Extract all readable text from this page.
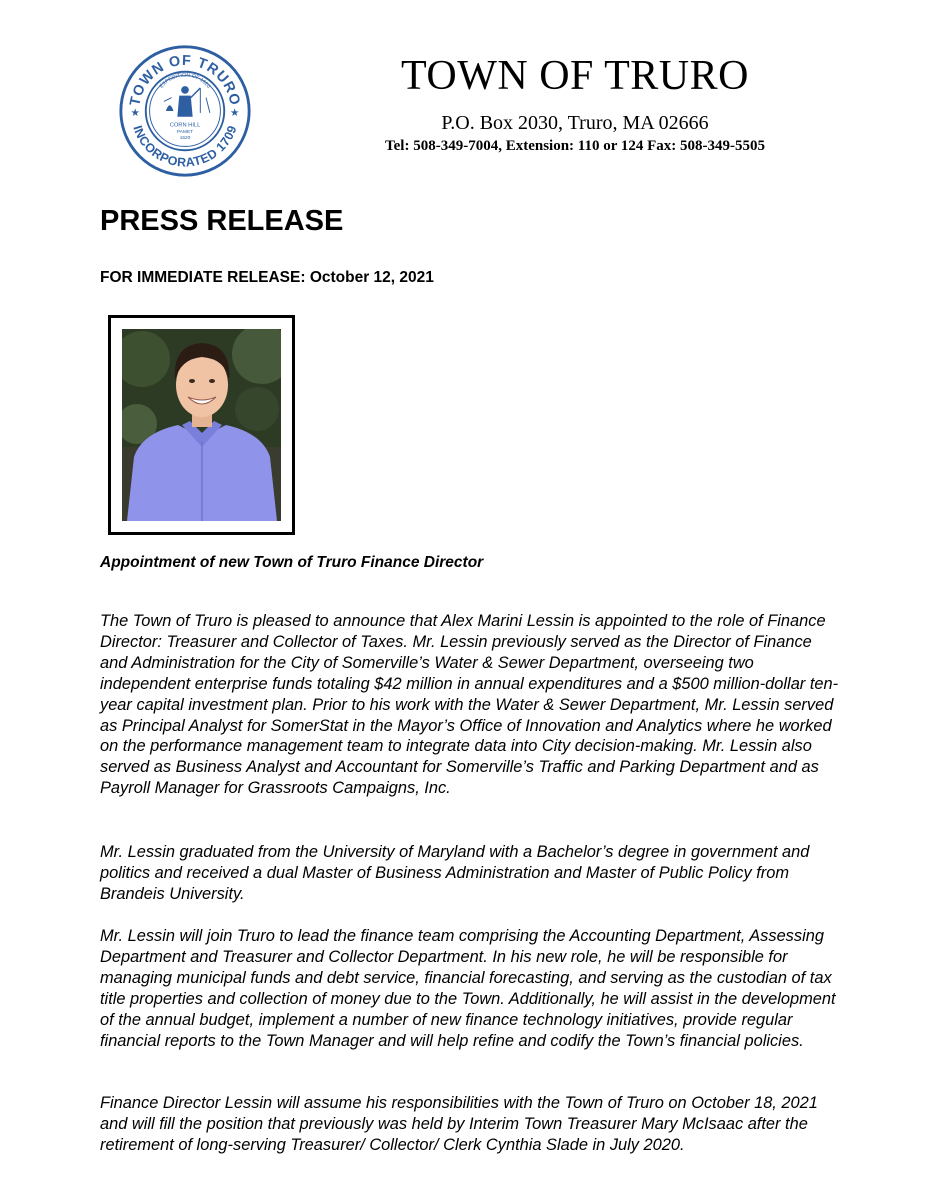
TOWN OF TRURO
INCORPORATED 1709
★	★
EXPEDITION OF 1620
CORN HILL
PAMET
1620
TOWN OF TRURO
P.O. Box 2030, Truro, MA 02666
Tel: 508-349-7004, Extension: 110 or 124 Fax: 508-349-5505
PRESS RELEASE
FOR IMMEDIATE RELEASE: October 12, 2021
Appointment of new Town of Truro Finance Director

The Town of Truro is pleased to announce that Alex Marini Lessin is appointed to the role of Finance Director: Treasurer and Collector of Taxes. Mr. Lessin previously served as the Director of Finance and Administration for the City of Somerville’s Water & Sewer Department, overseeing two independent enterprise funds totaling $42 million in annual expenditures and a $500 million-dollar ten-year capital investment plan. Prior to his work with the Water & Sewer Department, Mr. Lessin served as Principal Analyst for SomerStat in the Mayor’s Office of Innovation and Analytics where he worked on the performance management team to integrate data into City decision-making. Mr. Lessin also served as Business Analyst and Accountant for Somerville’s Traffic and Parking Department and as Payroll Manager for Grassroots Campaigns, Inc.

Mr. Lessin graduated from the University of Maryland with a Bachelor’s degree in government and politics and received a dual Master of Business Administration and Master of Public Policy from Brandeis University.

Mr. Lessin will join Truro to lead the finance team comprising the Accounting Department, Assessing Department and Treasurer and Collector Department. In his new role, he will be responsible for managing municipal funds and debt service, financial forecasting, and serving as the custodian of tax title properties and collection of money due to the Town. Additionally, he will assist in the development of the annual budget, implement a number of new finance technology initiatives, provide regular financial reports to the Town Manager and will help refine and codify the Town’s financial policies.

Finance Director Lessin will assume his responsibilities with the Town of Truro on October 18, 2021 and will fill the position that previously was held by Interim Town Treasurer Mary McIsaac after the retirement of long-serving Treasurer/ Collector/ Clerk Cynthia Slade in July 2020.
